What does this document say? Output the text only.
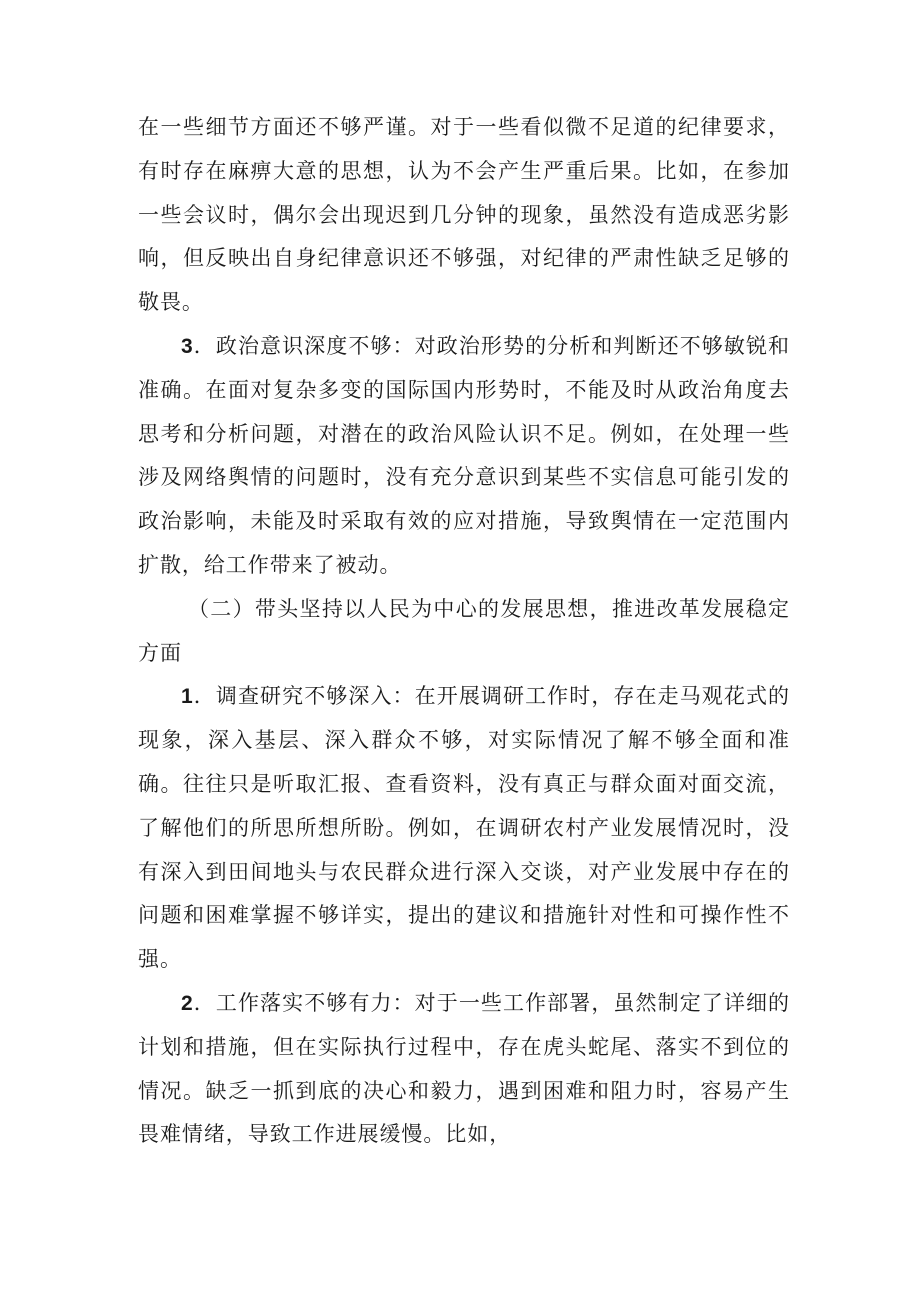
在一些细节方面还不够严谨。对于一些看似微不足道的纪律要求，有时存在麻痹大意的思想，认为不会产生严重后果。比如，在参加一些会议时，偶尔会出现迟到几分钟的现象，虽然没有造成恶劣影响，但反映出自身纪律意识还不够强，对纪律的严肃性缺乏足够的敬畏。

3．政治意识深度不够：对政治形势的分析和判断还不够敏锐和准确。在面对复杂多变的国际国内形势时，不能及时从政治角度去思考和分析问题，对潜在的政治风险认识不足。例如，在处理一些涉及网络舆情的问题时，没有充分意识到某些不实信息可能引发的政治影响，未能及时采取有效的应对措施，导致舆情在一定范围内扩散，给工作带来了被动。

（二）带头坚持以人民为中心的发展思想，推进改革发展稳定方面

1．调查研究不够深入：在开展调研工作时，存在走马观花式的现象，深入基层、深入群众不够，对实际情况了解不够全面和准确。往往只是听取汇报、查看资料，没有真正与群众面对面交流，了解他们的所思所想所盼。例如，在调研农村产业发展情况时，没有深入到田间地头与农民群众进行深入交谈，对产业发展中存在的问题和困难掌握不够详实，提出的建议和措施针对性和可操作性不强。

2．工作落实不够有力：对于一些工作部署，虽然制定了详细的计划和措施，但在实际执行过程中，存在虎头蛇尾、落实不到位的情况。缺乏一抓到底的决心和毅力，遇到困难和阻力时，容易产生畏难情绪，导致工作进展缓慢。比如，
